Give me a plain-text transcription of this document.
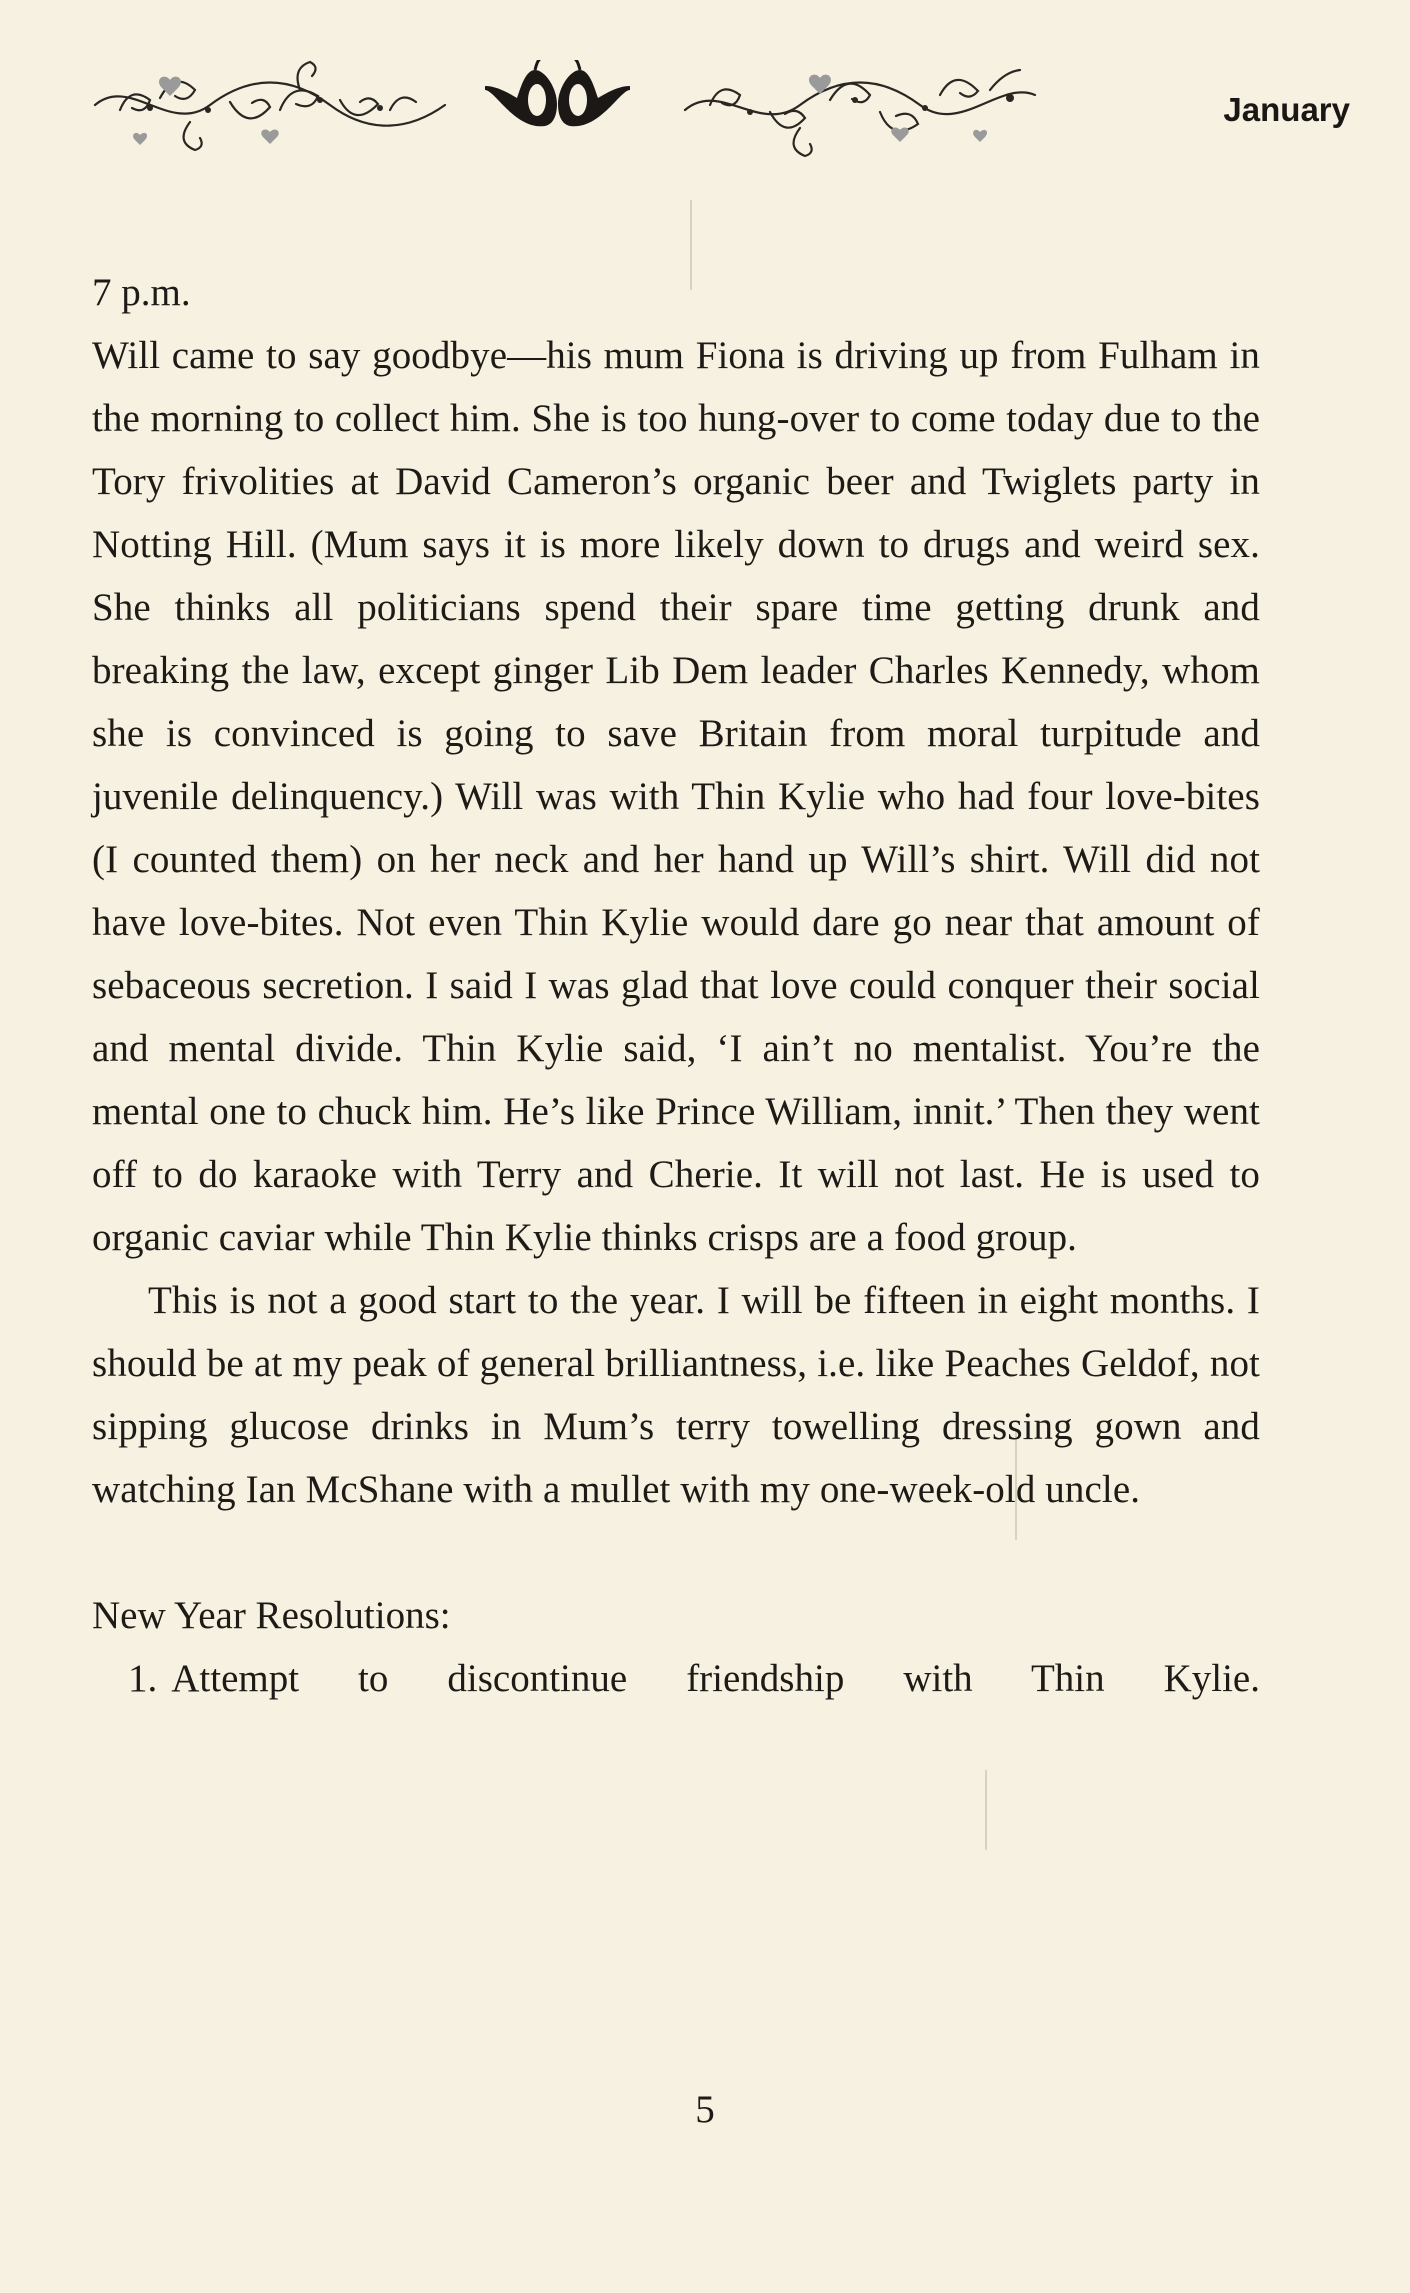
January

7 p.m.

Will came to say goodbye—his mum Fiona is driving up from Fulham in the morning to collect him. She is too hung-over to come today due to the Tory frivolities at David Cameron’s organic beer and Twiglets party in Notting Hill. (Mum says it is more likely down to drugs and weird sex. She thinks all politicians spend their spare time getting drunk and breaking the law, except ginger Lib Dem leader Charles Kennedy, whom she is convinced is going to save Britain from moral turpitude and juvenile delinquency.) Will was with Thin Kylie who had four love-bites (I counted them) on her neck and her hand up Will’s shirt. Will did not have love-bites. Not even Thin Kylie would dare go near that amount of sebaceous secretion. I said I was glad that love could conquer their social and mental divide. Thin Kylie said, ‘I ain’t no mentalist. You’re the mental one to chuck him. He’s like Prince William, innit.’ Then they went off to do karaoke with Terry and Cherie. It will not last. He is used to organic caviar while Thin Kylie thinks crisps are a food group.

This is not a good start to the year. I will be fifteen in eight months. I should be at my peak of general brilliantness, i.e. like Peaches Geldof, not sipping glucose drinks in Mum’s terry towelling dressing gown and watching Ian McShane with a mullet with my one-week-old uncle.

New Year Resolutions:

1. Attempt to discontinue friendship with Thin Kylie.
5
